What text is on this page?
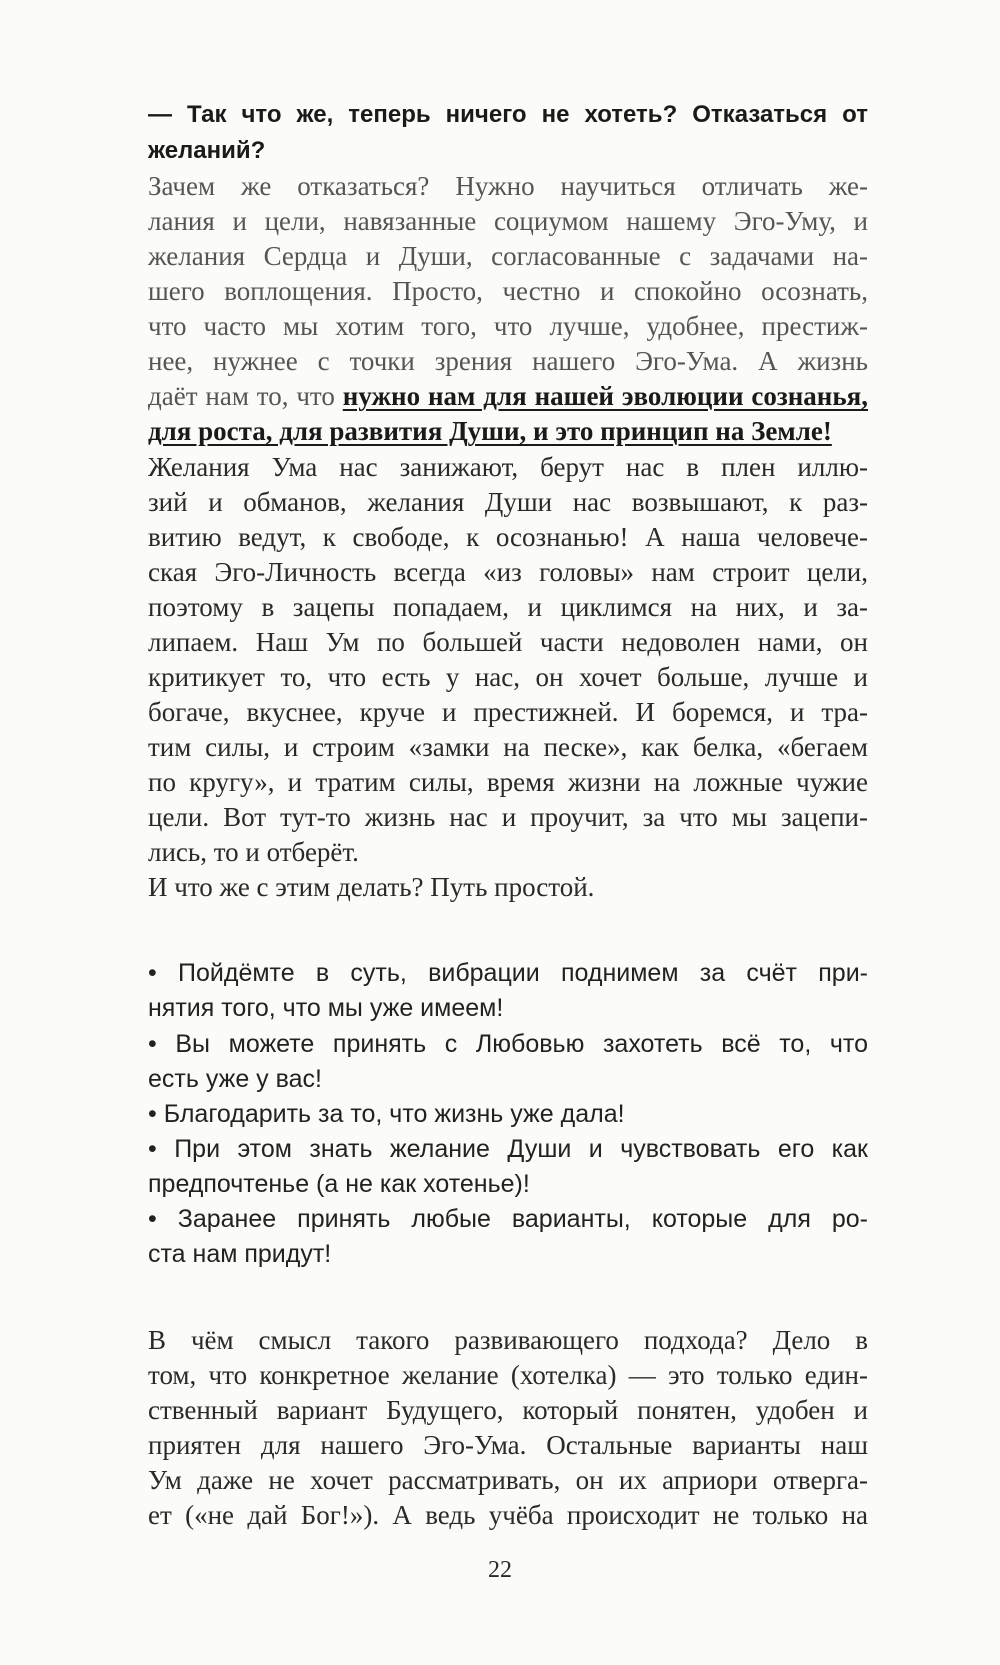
— Так что же, теперь ничего не хотеть? Отказаться от
желаний?
Зачем же отказаться? Нужно научиться отличать же-
лания и цели, навязанные социумом нашему Эго-Уму, и
желания Сердца и Души, согласованные с задачами на-
шего воплощения. Просто, честно и спокойно осознать,
что часто мы хотим того, что лучше, удобнее, престиж-
нее, нужнее с точки зрения нашего Эго-Ума. А жизнь
даёт нам то, что нужно нам для нашей эволюции сознанья,
для роста, для развития Души, и это принцип на Земле!
Желания Ума нас занижают, берут нас в плен иллю-
зий и обманов, желания Души нас возвышают, к раз-
витию ведут, к свободе, к осознанью! А наша человече-
ская Эго-Личность всегда «из головы» нам строит цели,
поэтому в зацепы попадаем, и циклимся на них, и за-
липаем. Наш Ум по большей части недоволен нами, он
критикует то, что есть у нас, он хочет больше, лучше и
богаче, вкуснее, круче и престижней. И боремся, и тра-
тим силы, и строим «замки на песке», как белка, «бегаем
по кругу», и тратим силы, время жизни на ложные чужие
цели. Вот тут-то жизнь нас и проучит, за что мы зацепи-
лись, то и отберёт.
И что же с этим делать? Путь простой.
• Пойдёмте в суть, вибрации поднимем за счёт при-
нятия того, что мы уже имеем!
• Вы можете принять с Любовью захотеть всё то, что
есть уже у вас!
• Благодарить за то, что жизнь уже дала!
• При этом знать желание Души и чувствовать его как
предпочтенье (а не как хотенье)!
• Заранее принять любые варианты, которые для ро-
ста нам придут!
В чём смысл такого развивающего подхода? Дело в
том, что конкретное желание (хотелка) — это только един-
ственный вариант Будущего, который понятен, удобен и
приятен для нашего Эго-Ума. Остальные варианты наш
Ум даже не хочет рассматривать, он их априори отверга-
ет («не дай Бог!»). А ведь учёба происходит не только на
22
